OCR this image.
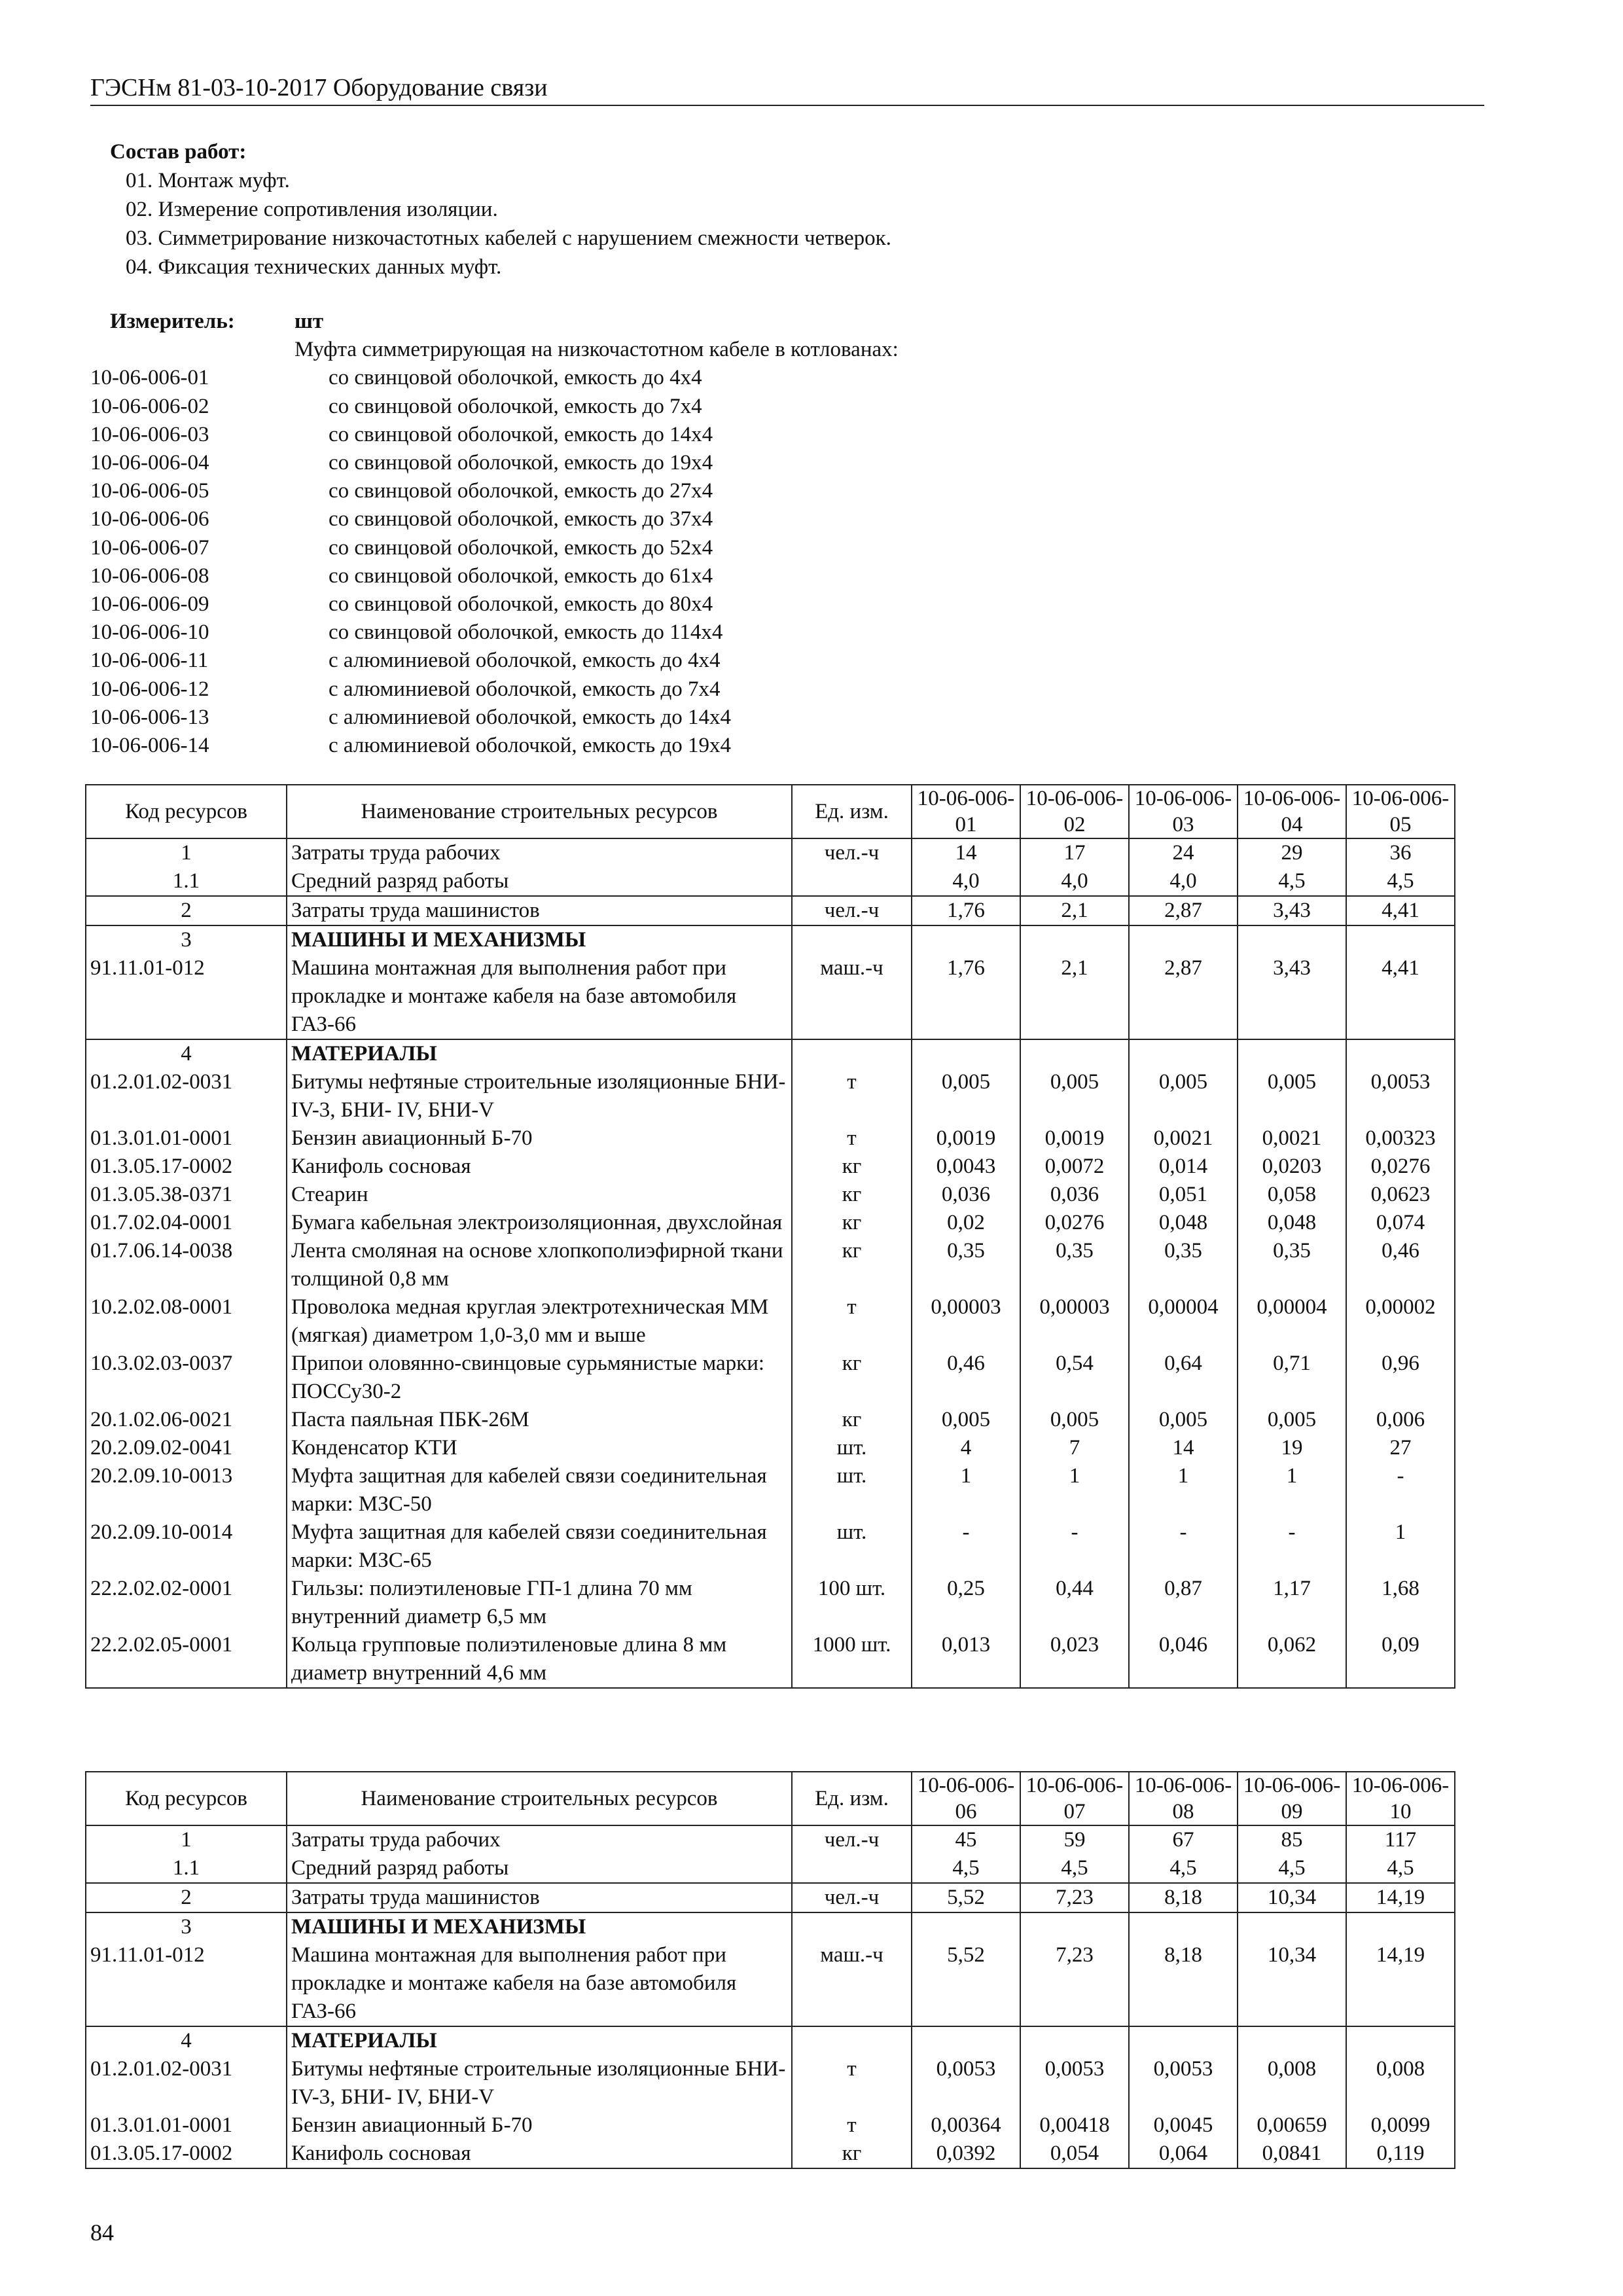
ГЭСНм 81-03-10-2017 Оборудование связи
Состав работ:
01. Монтаж муфт.
02. Измерение сопротивления изоляции.
03. Симметрирование низкочастотных кабелей с нарушением смежности четверок.
04. Фиксация технических данных муфт.
Измеритель:	шт
Муфта симметрирующая на низкочастотном кабеле в котлованах:
10-06-006-01	со свинцовой оболочкой, емкость до 4x4
10-06-006-02	со свинцовой оболочкой, емкость до 7x4
10-06-006-03	со свинцовой оболочкой, емкость до 14x4
10-06-006-04	со свинцовой оболочкой, емкость до 19x4
10-06-006-05	со свинцовой оболочкой, емкость до 27x4
10-06-006-06	со свинцовой оболочкой, емкость до 37x4
10-06-006-07	со свинцовой оболочкой, емкость до 52x4
10-06-006-08	со свинцовой оболочкой, емкость до 61x4
10-06-006-09	со свинцовой оболочкой, емкость до 80x4
10-06-006-10	со свинцовой оболочкой, емкость до 114x4
10-06-006-11	с алюминиевой оболочкой, емкость до 4x4
10-06-006-12	с алюминиевой оболочкой, емкость до 7x4
10-06-006-13	с алюминиевой оболочкой, емкость до 14x4
10-06-006-14	с алюминиевой оболочкой, емкость до 19x4
Код ресурсов	Наименование строительных ресурсов	Ед. изм.	10-06-006-01	10-06-006-02	10-06-006-03	10-06-006-04	10-06-006-05
1	Затраты труда рабочих	чел.-ч	14	17	24	29	36
1.1	Средний разряд работы		4,0	4,0	4,0	4,5	4,5
2	Затраты труда машинистов	чел.-ч	1,76	2,1	2,87	3,43	4,41
3	МАШИНЫ И МЕХАНИЗМЫ						
91.11.01-012	Машина монтажная для выполнения работ при прокладке и монтаже кабеля на базе автомобиля ГАЗ-66	маш.-ч	1,76	2,1	2,87	3,43	4,41
4	МАТЕРИАЛЫ						
01.2.01.02-0031	Битумы нефтяные строительные изоляционные БНИ-IV-3, БНИ- IV, БНИ-V	т	0,005	0,005	0,005	0,005	0,0053
01.3.01.01-0001	Бензин авиационный Б-70	т	0,0019	0,0019	0,0021	0,0021	0,00323
01.3.05.17-0002	Канифоль сосновая	кг	0,0043	0,0072	0,014	0,0203	0,0276
01.3.05.38-0371	Стеарин	кг	0,036	0,036	0,051	0,058	0,0623
01.7.02.04-0001	Бумага кабельная электроизоляционная, двухслойная	кг	0,02	0,0276	0,048	0,048	0,074
01.7.06.14-0038	Лента смоляная на основе хлопкополиэфирной ткани толщиной 0,8 мм	кг	0,35	0,35	0,35	0,35	0,46
10.2.02.08-0001	Проволока медная круглая электротехническая ММ (мягкая) диаметром 1,0-3,0 мм и выше	т	0,00003	0,00003	0,00004	0,00004	0,00002
10.3.02.03-0037	Припои оловянно-свинцовые сурьмянистые марки: ПОССу30-2	кг	0,46	0,54	0,64	0,71	0,96
20.1.02.06-0021	Паста паяльная ПБК-26М	кг	0,005	0,005	0,005	0,005	0,006
20.2.09.02-0041	Конденсатор КТИ	шт.	4	7	14	19	27
20.2.09.10-0013	Муфта защитная для кабелей связи соединительная марки: МЗС-50	шт.	1	1	1	1	-
20.2.09.10-0014	Муфта защитная для кабелей связи соединительная марки: МЗС-65	шт.	-	-	-	-	1
22.2.02.02-0001	Гильзы: полиэтиленовые ГП-1 длина 70 мм внутренний диаметр 6,5 мм	100 шт.	0,25	0,44	0,87	1,17	1,68
22.2.02.05-0001	Кольца групповые полиэтиленовые длина 8 мм диаметр внутренний 4,6 мм	1000 шт.	0,013	0,023	0,046	0,062	0,09
Код ресурсов	Наименование строительных ресурсов	Ед. изм.	10-06-006-06	10-06-006-07	10-06-006-08	10-06-006-09	10-06-006-10
1	Затраты труда рабочих	чел.-ч	45	59	67	85	117
1.1	Средний разряд работы		4,5	4,5	4,5	4,5	4,5
2	Затраты труда машинистов	чел.-ч	5,52	7,23	8,18	10,34	14,19
3	МАШИНЫ И МЕХАНИЗМЫ						
91.11.01-012	Машина монтажная для выполнения работ при прокладке и монтаже кабеля на базе автомобиля ГАЗ-66	маш.-ч	5,52	7,23	8,18	10,34	14,19
4	МАТЕРИАЛЫ						
01.2.01.02-0031	Битумы нефтяные строительные изоляционные БНИ-IV-3, БНИ- IV, БНИ-V	т	0,0053	0,0053	0,0053	0,008	0,008
01.3.01.01-0001	Бензин авиационный Б-70	т	0,00364	0,00418	0,0045	0,00659	0,0099
01.3.05.17-0002	Канифоль сосновая	кг	0,0392	0,054	0,064	0,0841	0,119
84
